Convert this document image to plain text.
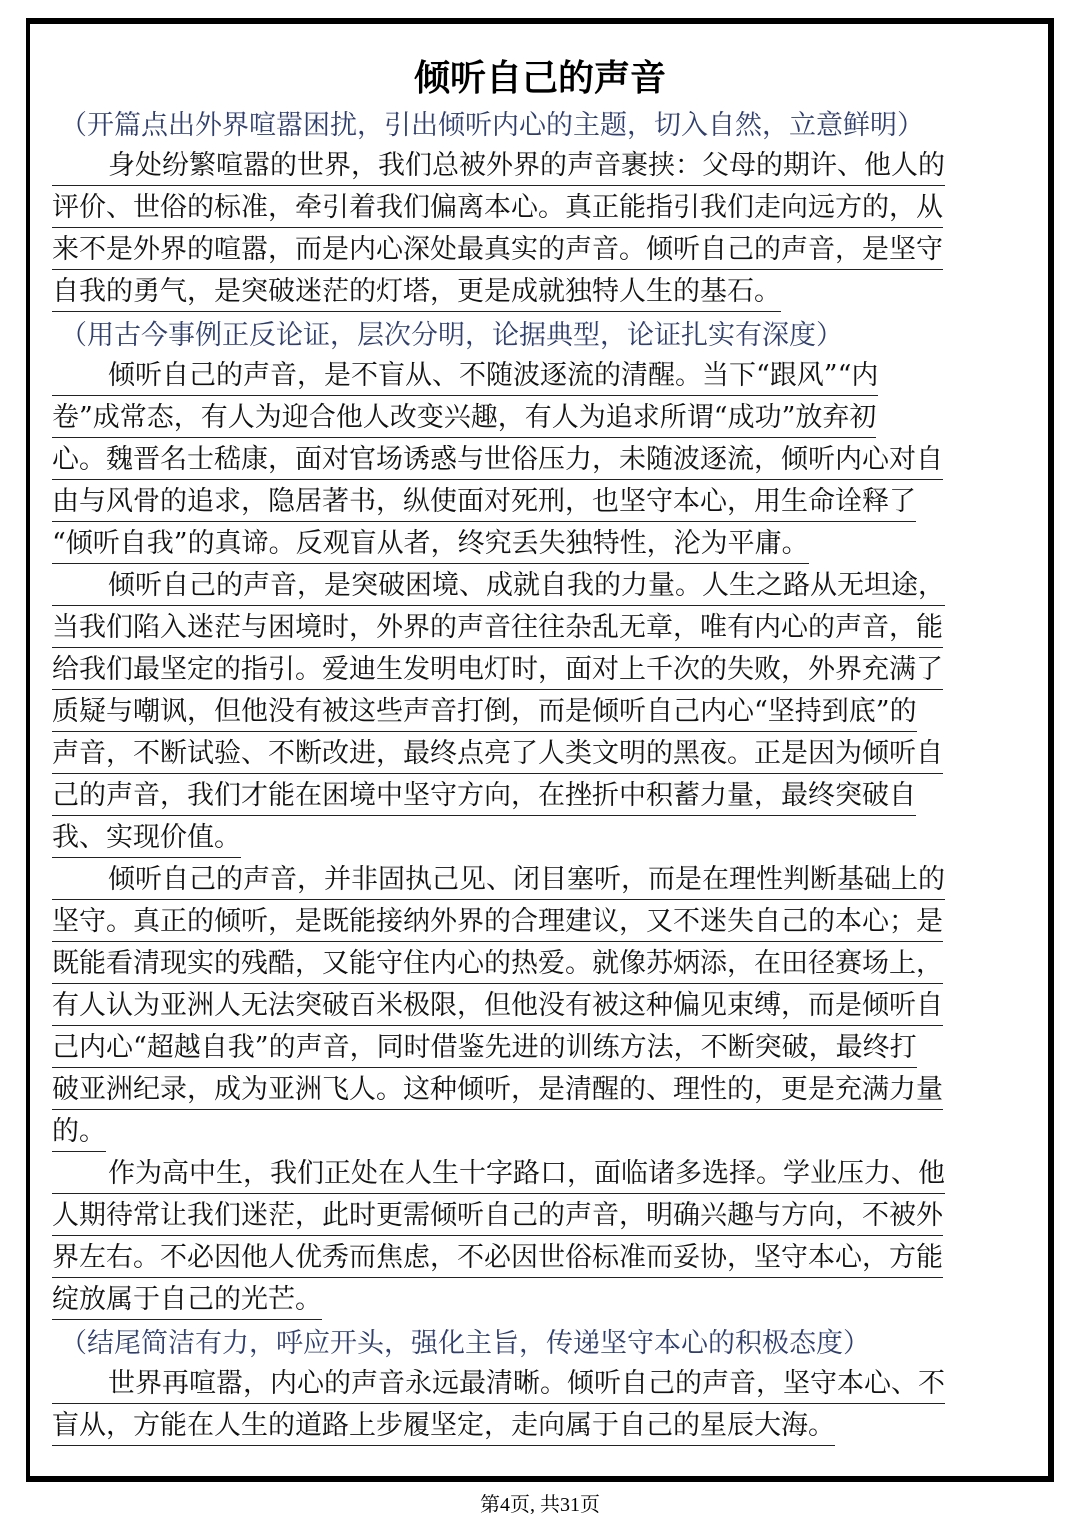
倾听自己的声音

（开篇点出外界喧嚣困扰，引出倾听内心的主题，切入自然，立意鲜明）

身处纷繁喧嚣的世界，我们总被外界的声音裹挟：父母的期许、他人的
评价、世俗的标准，牵引着我们偏离本心。真正能指引我们走向远方的，从
来不是外界的喧嚣，而是内心深处最真实的声音。倾听自己的声音，是坚守
自我的勇气，是突破迷茫的灯塔，更是成就独特人生的基石。

（用古今事例正反论证，层次分明，论据典型，论证扎实有深度）

倾听自己的声音，是不盲从、不随波逐流的清醒。当下“跟风”“内
卷”成常态，有人为迎合他人改变兴趣，有人为追求所谓“成功”放弃初
心。魏晋名士嵇康，面对官场诱惑与世俗压力，未随波逐流，倾听内心对自
由与风骨的追求，隐居著书，纵使面对死刑，也坚守本心，用生命诠释了
“倾听自我”的真谛。反观盲从者，终究丢失独特性，沦为平庸。
倾听自己的声音，是突破困境、成就自我的力量。人生之路从无坦途，
当我们陷入迷茫与困境时，外界的声音往往杂乱无章，唯有内心的声音，能
给我们最坚定的指引。爱迪生发明电灯时，面对上千次的失败，外界充满了
质疑与嘲讽，但他没有被这些声音打倒，而是倾听自己内心“坚持到底”的
声音，不断试验、不断改进，最终点亮了人类文明的黑夜。正是因为倾听自
己的声音，我们才能在困境中坚守方向，在挫折中积蓄力量，最终突破自
我、实现价值。
倾听自己的声音，并非固执己见、闭目塞听，而是在理性判断基础上的
坚守。真正的倾听，是既能接纳外界的合理建议，又不迷失自己的本心；是
既能看清现实的残酷，又能守住内心的热爱。就像苏炳添，在田径赛场上，
有人认为亚洲人无法突破百米极限，但他没有被这种偏见束缚，而是倾听自
己内心“超越自我”的声音，同时借鉴先进的训练方法，不断突破，最终打
破亚洲纪录，成为亚洲飞人。这种倾听，是清醒的、理性的，更是充满力量
的。
作为高中生，我们正处在人生十字路口，面临诸多选择。学业压力、他
人期待常让我们迷茫，此时更需倾听自己的声音，明确兴趣与方向，不被外
界左右。不必因他人优秀而焦虑，不必因世俗标准而妥协，坚守本心，方能
绽放属于自己的光芒。

（结尾简洁有力，呼应开头，强化主旨，传递坚守本心的积极态度）

世界再喧嚣，内心的声音永远最清晰。倾听自己的声音，坚守本心、不
盲从，方能在人生的道路上步履坚定，走向属于自己的星辰大海。
第4页, 共31页
